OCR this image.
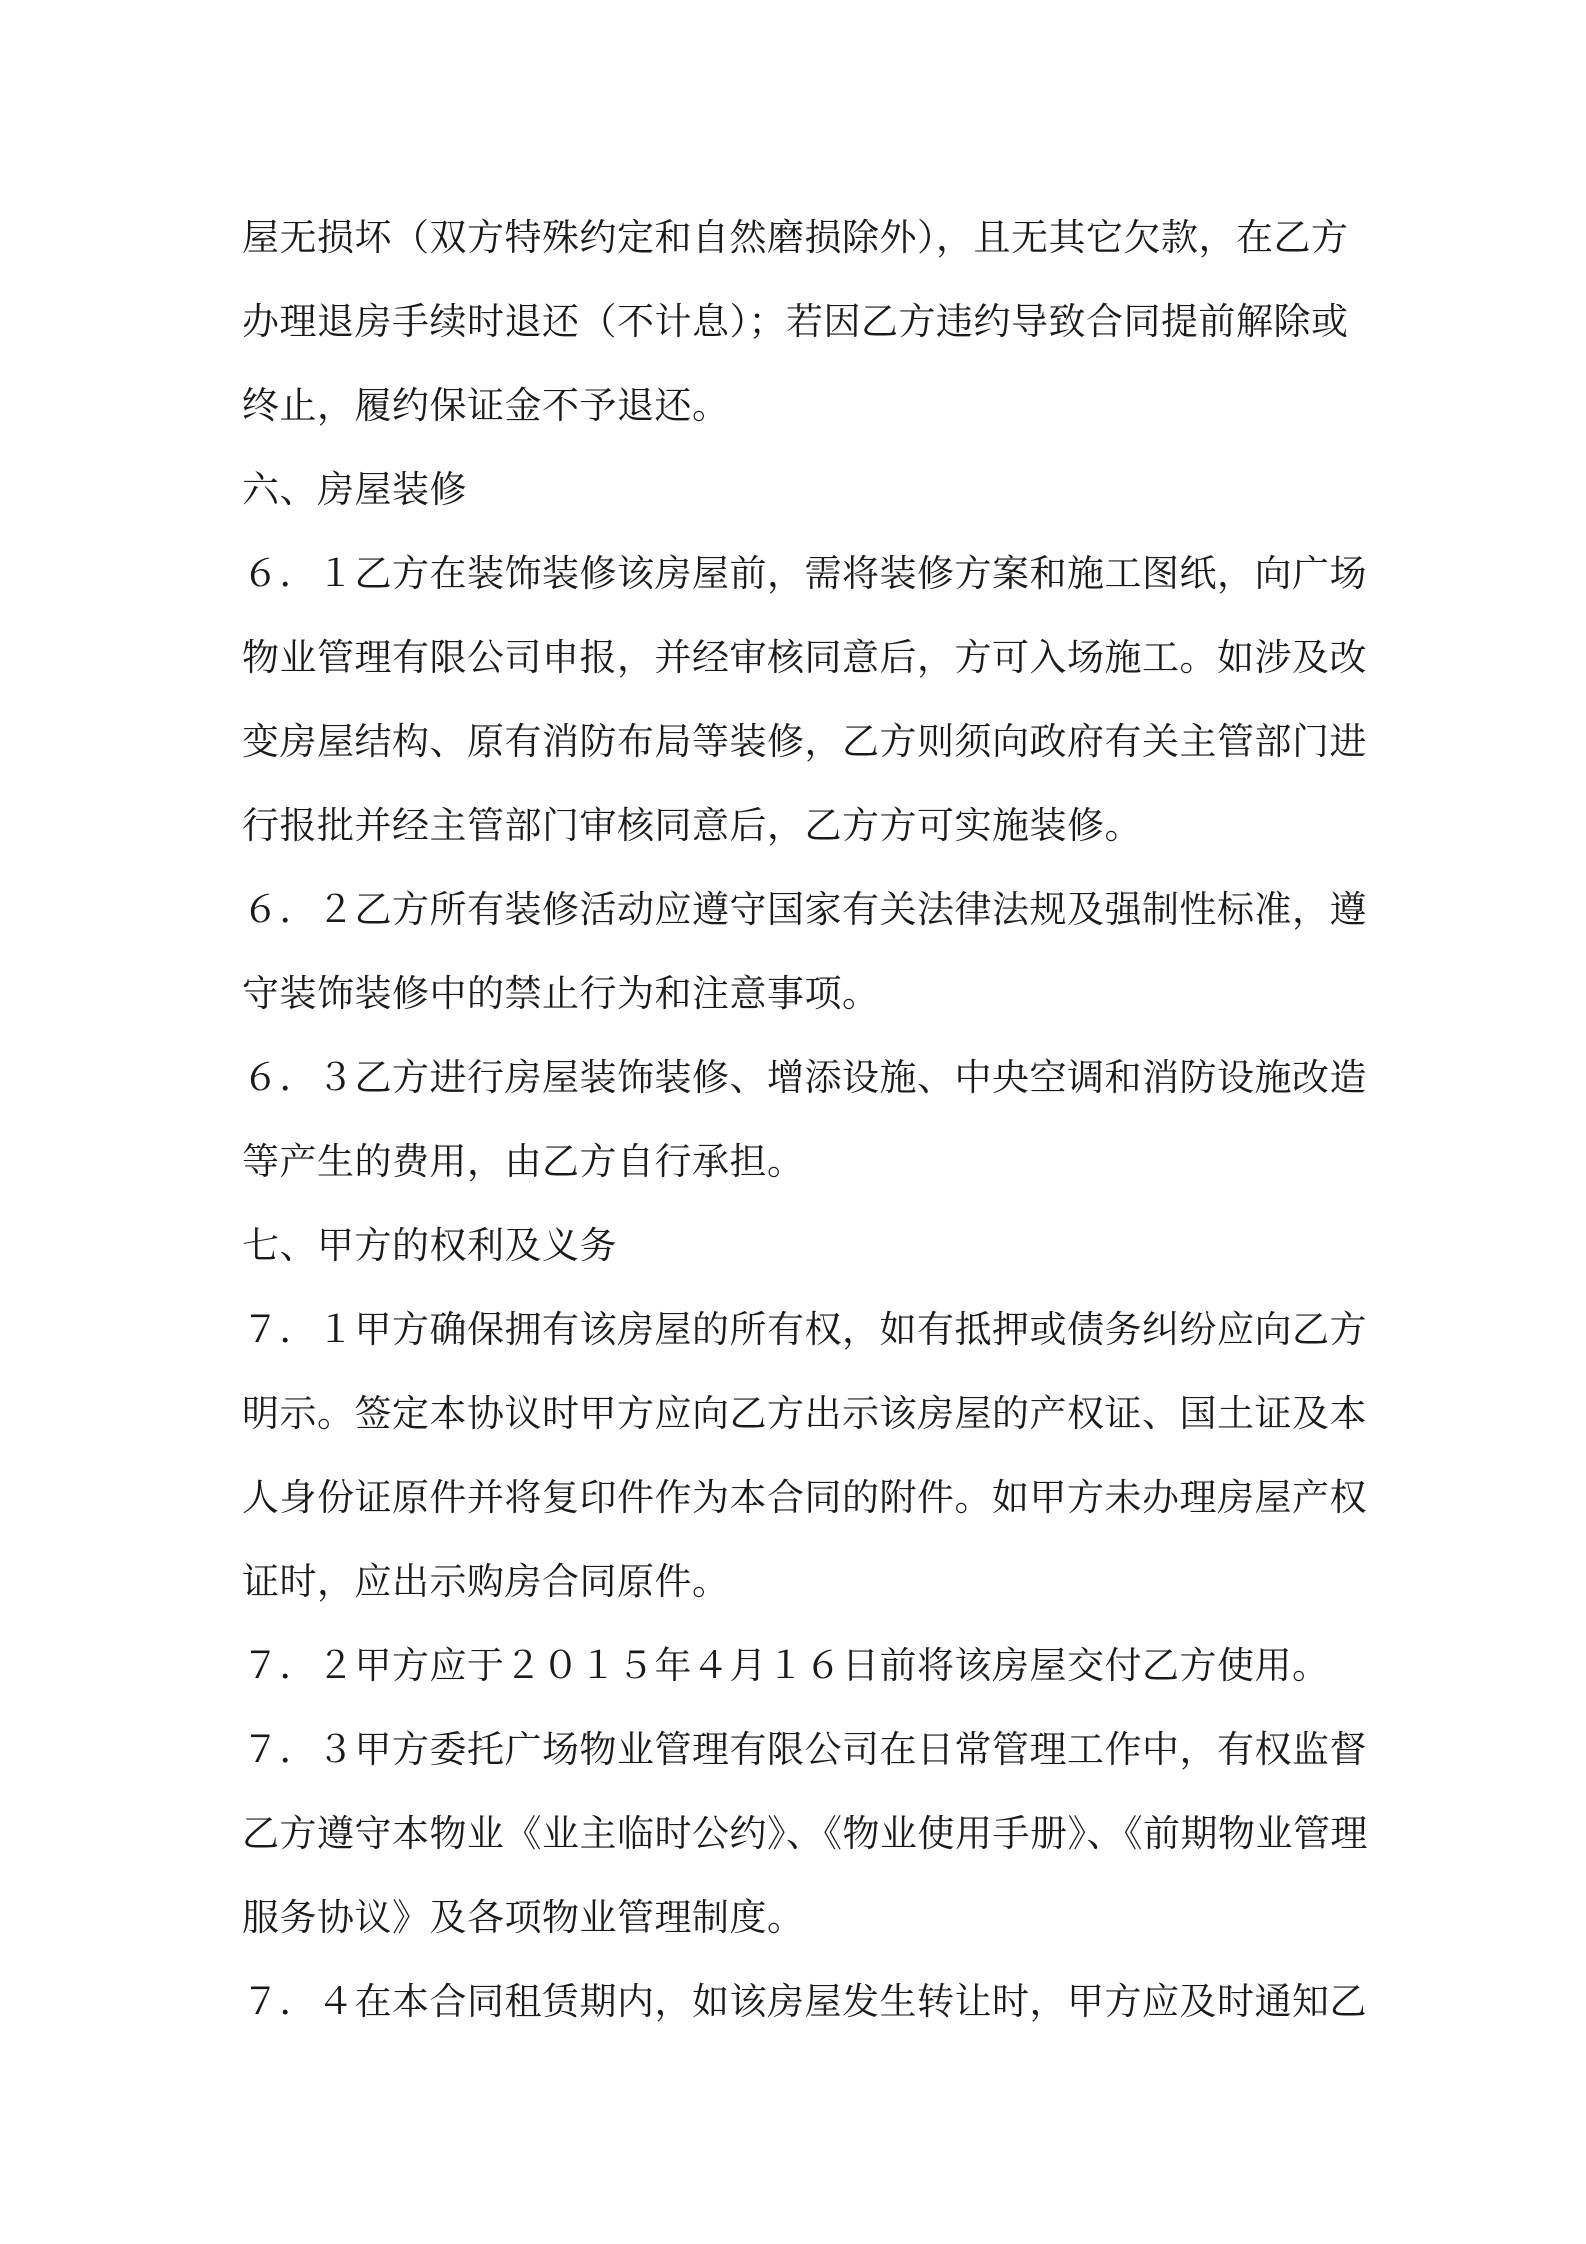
屋无损坏（双方特殊约定和自然磨损除外），且无其它欠款，在乙方
办理退房手续时退还（不计息）；若因乙方违约导致合同提前解除或
终止，履约保证金不予退还。
六、房屋装修
６．１乙方在装饰装修该房屋前，需将装修方案和施工图纸，向广场
物业管理有限公司申报，并经审核同意后，方可入场施工。如涉及改
变房屋结构、原有消防布局等装修，乙方则须向政府有关主管部门进
行报批并经主管部门审核同意后，乙方方可实施装修。
６．２乙方所有装修活动应遵守国家有关法律法规及强制性标准，遵
守装饰装修中的禁止行为和注意事项。
６．３乙方进行房屋装饰装修、增添设施、中央空调和消防设施改造
等产生的费用，由乙方自行承担。
七、甲方的权利及义务
７．１甲方确保拥有该房屋的所有权，如有抵押或债务纠纷应向乙方
明示。签定本协议时甲方应向乙方出示该房屋的产权证、国土证及本
人身份证原件并将复印件作为本合同的附件。如甲方未办理房屋产权
证时，应出示购房合同原件。
７．２甲方应于２０１５年４月１６日前将该房屋交付乙方使用。
７．３甲方委托广场物业管理有限公司在日常管理工作中，有权监督
乙方遵守本物业《业主临时公约》、《物业使用手册》、《前期物业管理
服务协议》及各项物业管理制度。
７．４在本合同租赁期内，如该房屋发生转让时，甲方应及时通知乙
